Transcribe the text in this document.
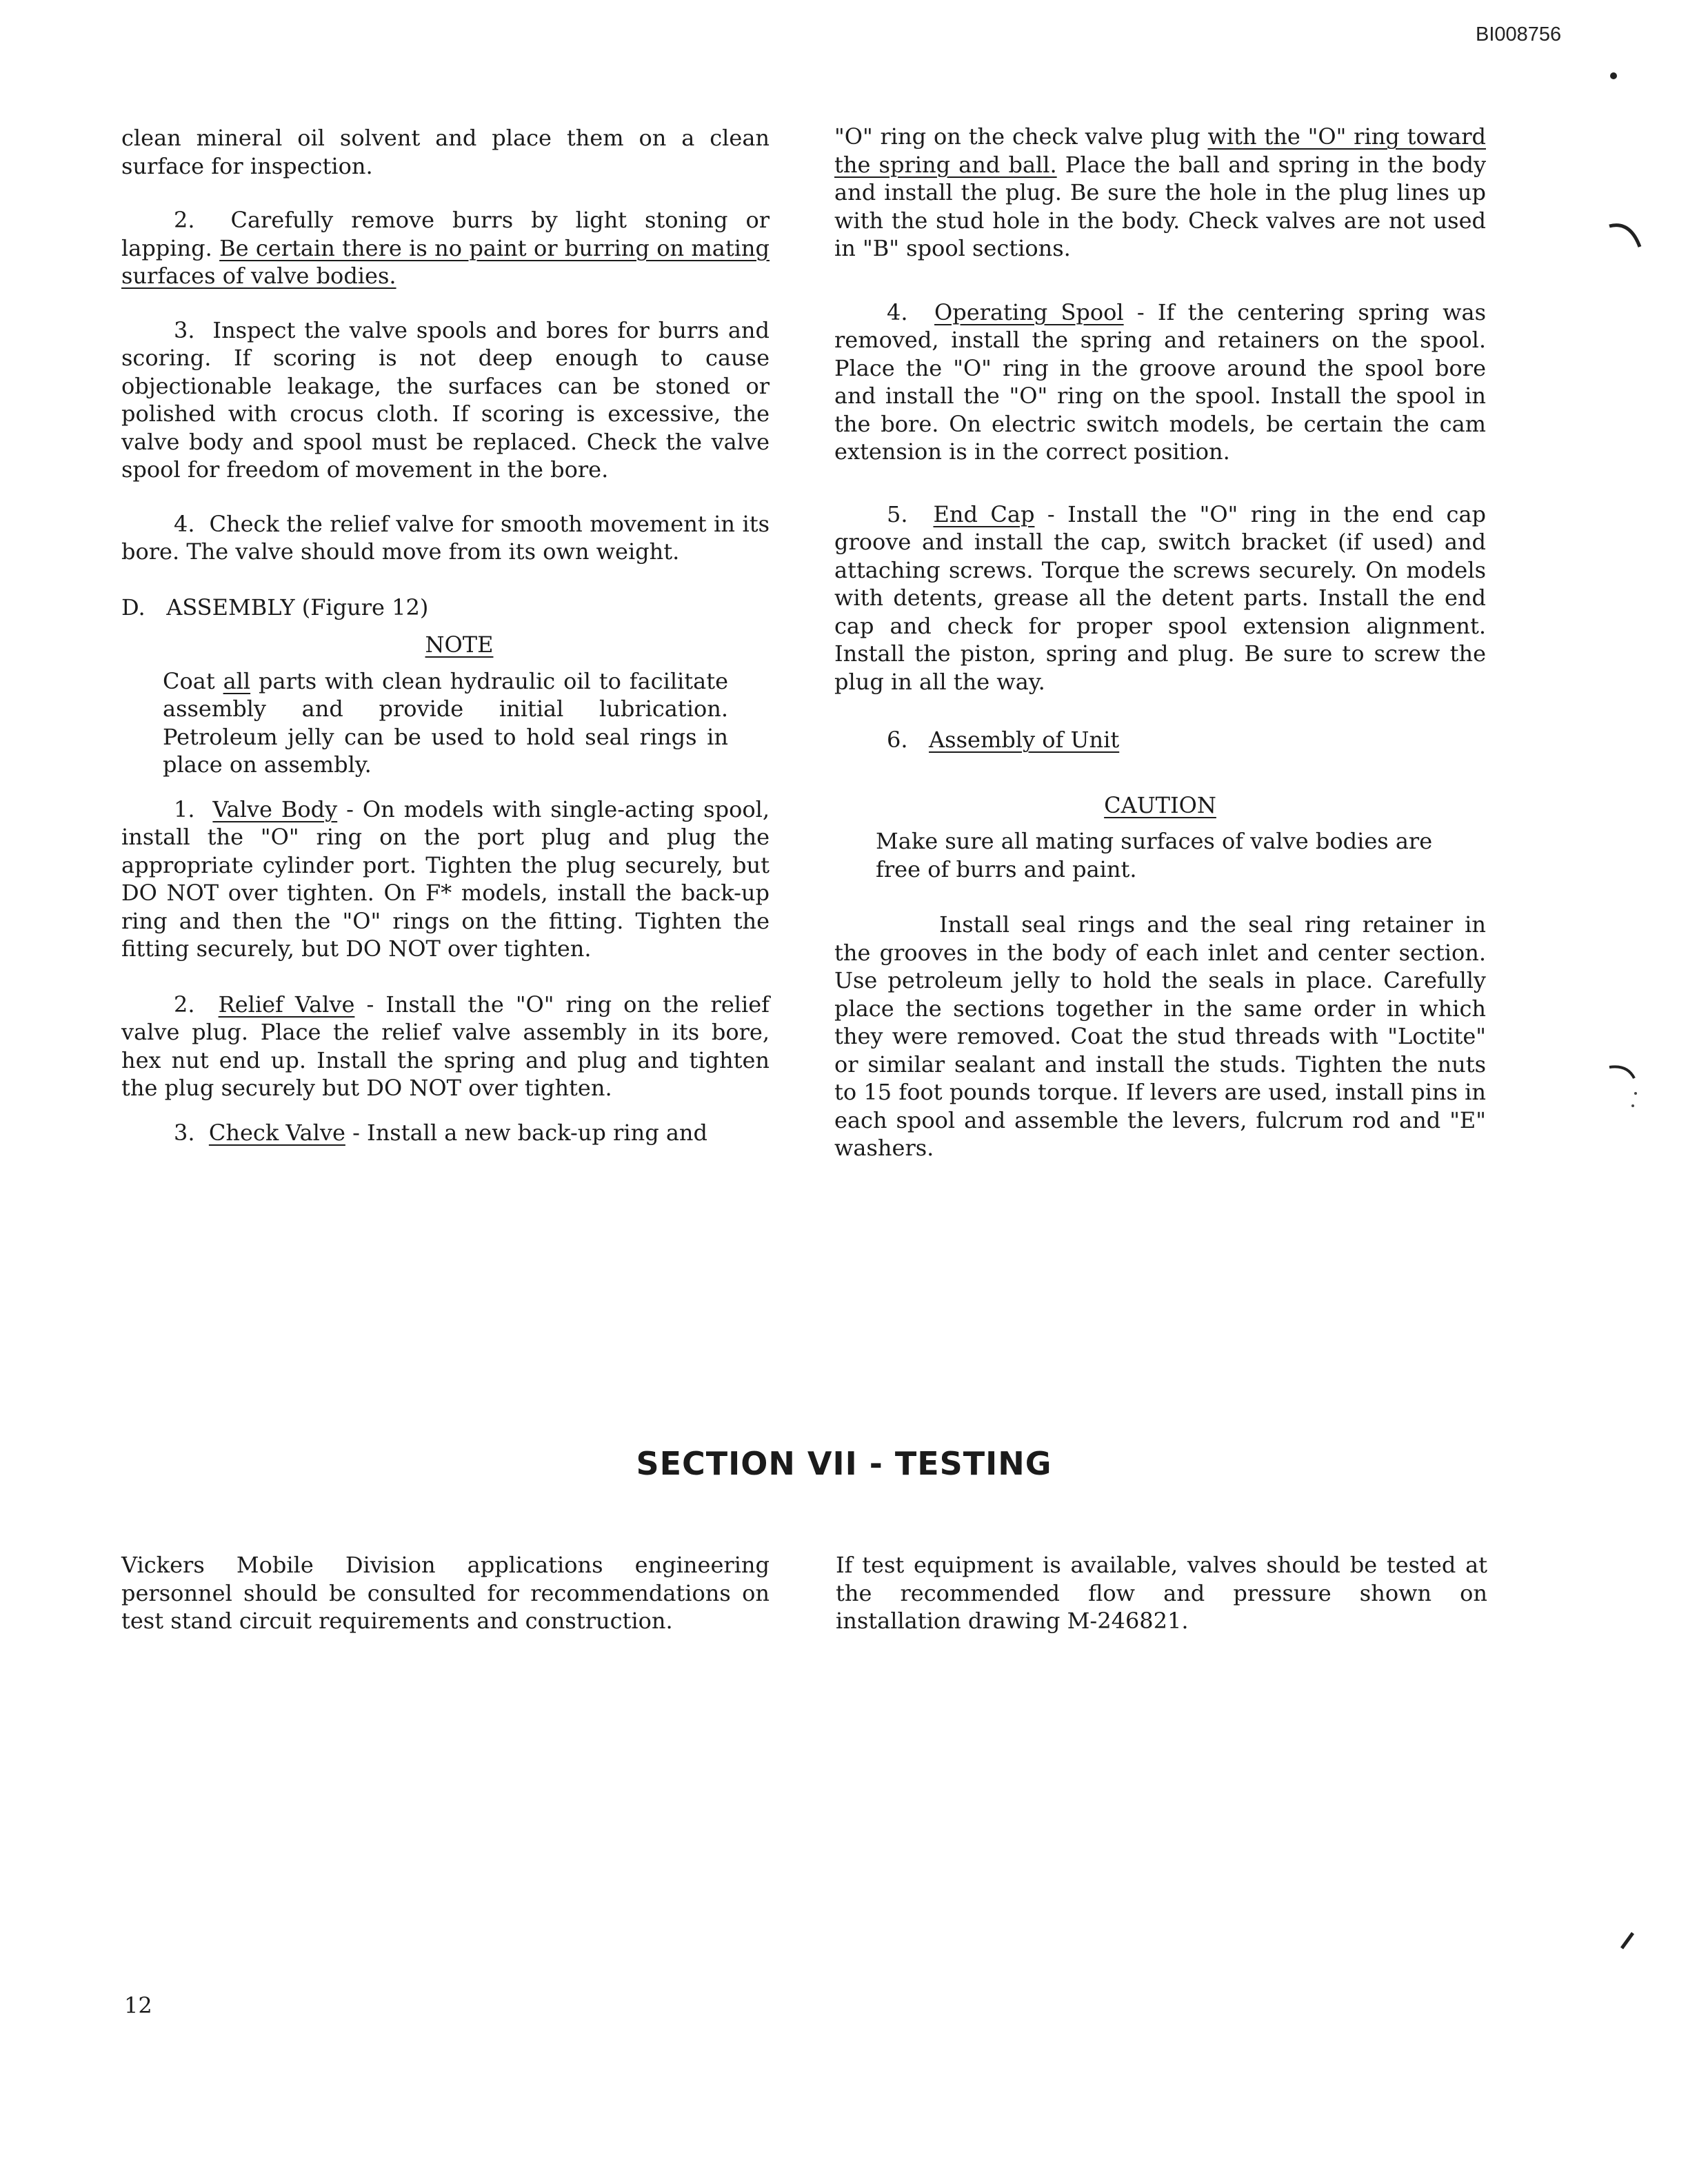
BI008756

clean mineral oil solvent and place them on a clean surface for inspection.

2. Carefully remove burrs by light stoning or lapping. Be certain there is no paint or burring on mating surfaces of valve bodies.

3. Inspect the valve spools and bores for burrs and scoring. If scoring is not deep enough to cause objectionable leakage, the surfaces can be stoned or polished with crocus cloth. If scoring is excessive, the valve body and spool must be replaced. Check the valve spool for freedom of movement in the bore.

4. Check the relief valve for smooth movement in its bore. The valve should move from its own weight.

D. ASSEMBLY (Figure 12)

NOTE
Coat all parts with clean hydraulic oil to facilitate assembly and provide initial lubrication. Petroleum jelly can be used to hold seal rings in place on assembly.

1. Valve Body - On models with single-acting spool, install the "O" ring on the port plug and plug the appropriate cylinder port. Tighten the plug securely, but DO NOT over tighten. On F* models, install the back-up ring and then the "O" rings on the fitting. Tighten the fitting securely, but DO NOT over tighten.

2. Relief Valve - Install the "O" ring on the relief valve plug. Place the relief valve assembly in its bore, hex nut end up. Install the spring and plug and tighten the plug securely but DO NOT over tighten.

3. Check Valve - Install a new back-up ring and

"O" ring on the check valve plug with the "O" ring toward the spring and ball. Place the ball and spring in the body and install the plug. Be sure the hole in the plug lines up with the stud hole in the body. Check valves are not used in "B" spool sections.

4. Operating Spool - If the centering spring was removed, install the spring and retainers on the spool. Place the "O" ring in the groove around the spool bore and install the "O" ring on the spool. Install the spool in the bore. On electric switch models, be certain the cam extension is in the correct position.

5. End Cap - Install the "O" ring in the end cap groove and install the cap, switch bracket (if used) and attaching screws. Torque the screws securely. On models with detents, grease all the detent parts. Install the end cap and check for proper spool extension alignment. Install the piston, spring and plug. Be sure to screw the plug in all the way.

6. Assembly of Unit

CAUTION
Make sure all mating surfaces of valve bodies are free of burrs and paint.

Install seal rings and the seal ring retainer in the grooves in the body of each inlet and center section. Use petroleum jelly to hold the seals in place. Carefully place the sections together in the same order in which they were removed. Coat the stud threads with "Loctite" or similar sealant and install the studs. Tighten the nuts to 15 foot pounds torque. If levers are used, install pins in each spool and assemble the levers, fulcrum rod and "E" washers.

SECTION VII - TESTING
Vickers Mobile Division applications engineering personnel should be consulted for recommendations on test stand circuit requirements and construction.
If test equipment is available, valves should be tested at the recommended flow and pressure shown on installation drawing M-246821.
12
